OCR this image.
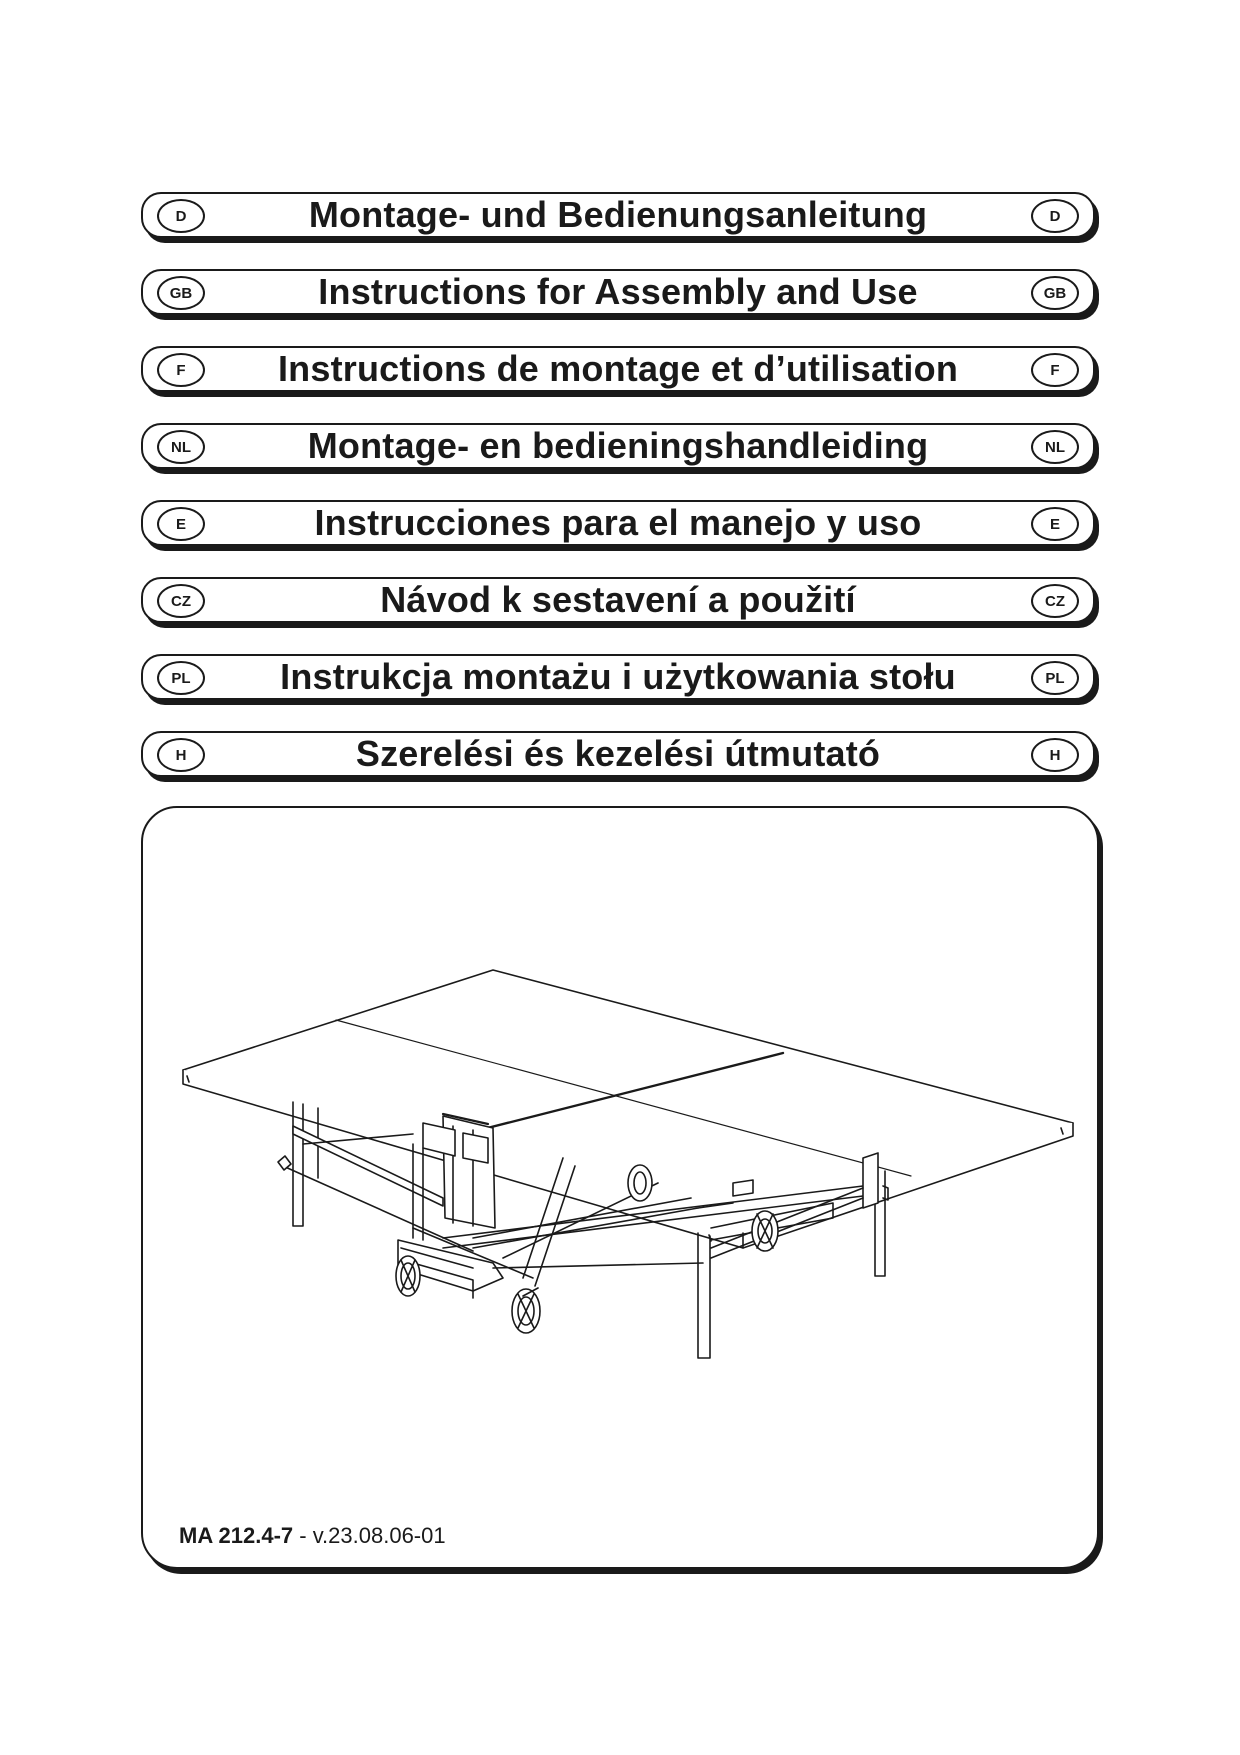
D	Montage- und Bedienungsanleitung	D
GB	Instructions for Assembly and Use	GB
F	Instructions de montage et d’utilisation	F
NL	Montage- en bedieningshandleiding	NL
E	Instrucciones para el manejo y uso	E
CZ	Návod k sestavení a použití	CZ
PL	Instrukcja montażu i użytkowania stołu	PL
H	Szerelési és kezelési útmutató	H
MA 212.4-7 - v.23.08.06-01
